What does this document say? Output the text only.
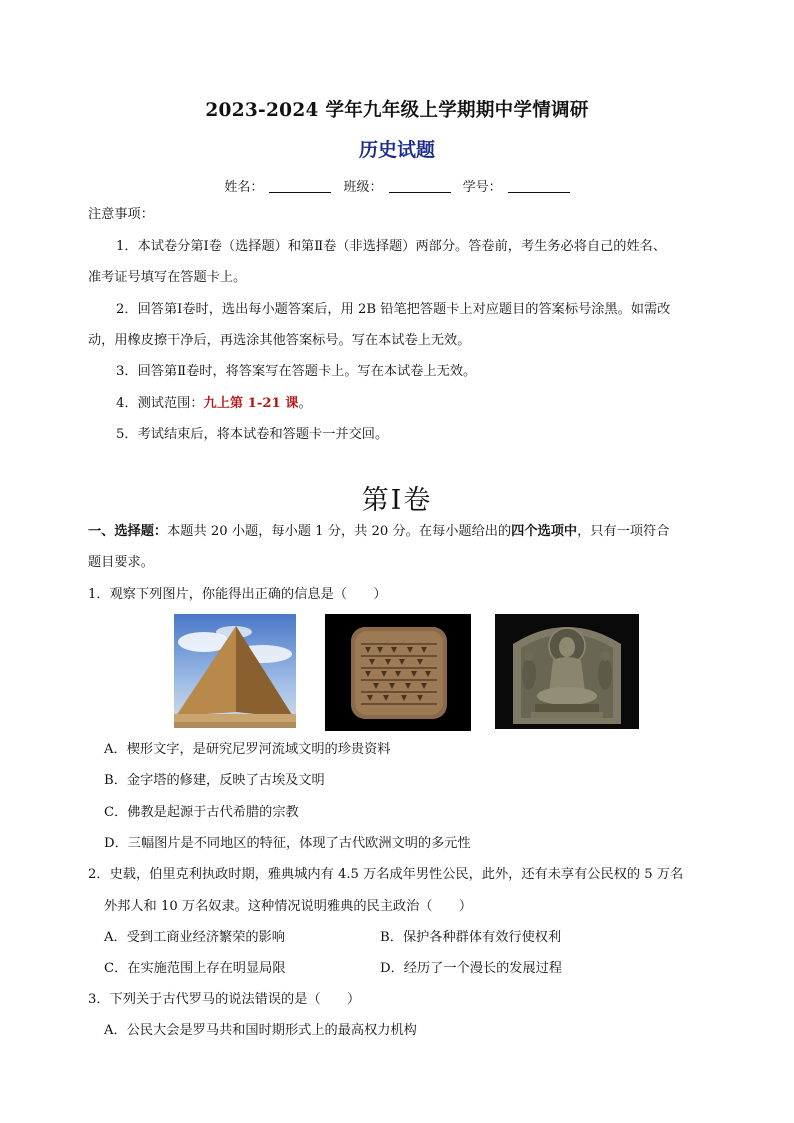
2023-2024 学年九年级上学期期中学情调研
历史试题
姓名：	班级：	学号：
注意事项：
1．本试卷分第Ⅰ卷（选择题）和第Ⅱ卷（非选择题）两部分。答卷前，考生务必将自己的姓名、
准考证号填写在答题卡上。
2．回答第Ⅰ卷时，选出每小题答案后，用 2B 铅笔把答题卡上对应题目的答案标号涂黑。如需改
动，用橡皮擦干净后，再选涂其他答案标号。写在本试卷上无效。
3．回答第Ⅱ卷时，将答案写在答题卡上。写在本试卷上无效。
4．测试范围：九上第 1-21 课。
5．考试结束后，将本试卷和答题卡一并交回。
第Ⅰ卷
一、选择题：本题共 20 小题，每小题 1 分，共 20 分。在每小题给出的四个选项中，只有一项符合
题目要求。
1．观察下列图片，你能得出正确的信息是（　　）
A．楔形文字，是研究尼罗河流域文明的珍贵资料
B．金字塔的修建，反映了古埃及文明
C．佛教是起源于古代希腊的宗教
D．三幅图片是不同地区的特征，体现了古代欧洲文明的多元性
2．史载，伯里克利执政时期，雅典城内有 4.5 万名成年男性公民，此外，还有未享有公民权的 5 万名
外邦人和 10 万名奴隶。这种情况说明雅典的民主政治（　　）
A．受到工商业经济繁荣的影响	B．保护各种群体有效行使权利
C．在实施范围上存在明显局限	D．经历了一个漫长的发展过程
3．下列关于古代罗马的说法错误的是（　　）
A．公民大会是罗马共和国时期形式上的最高权力机构
